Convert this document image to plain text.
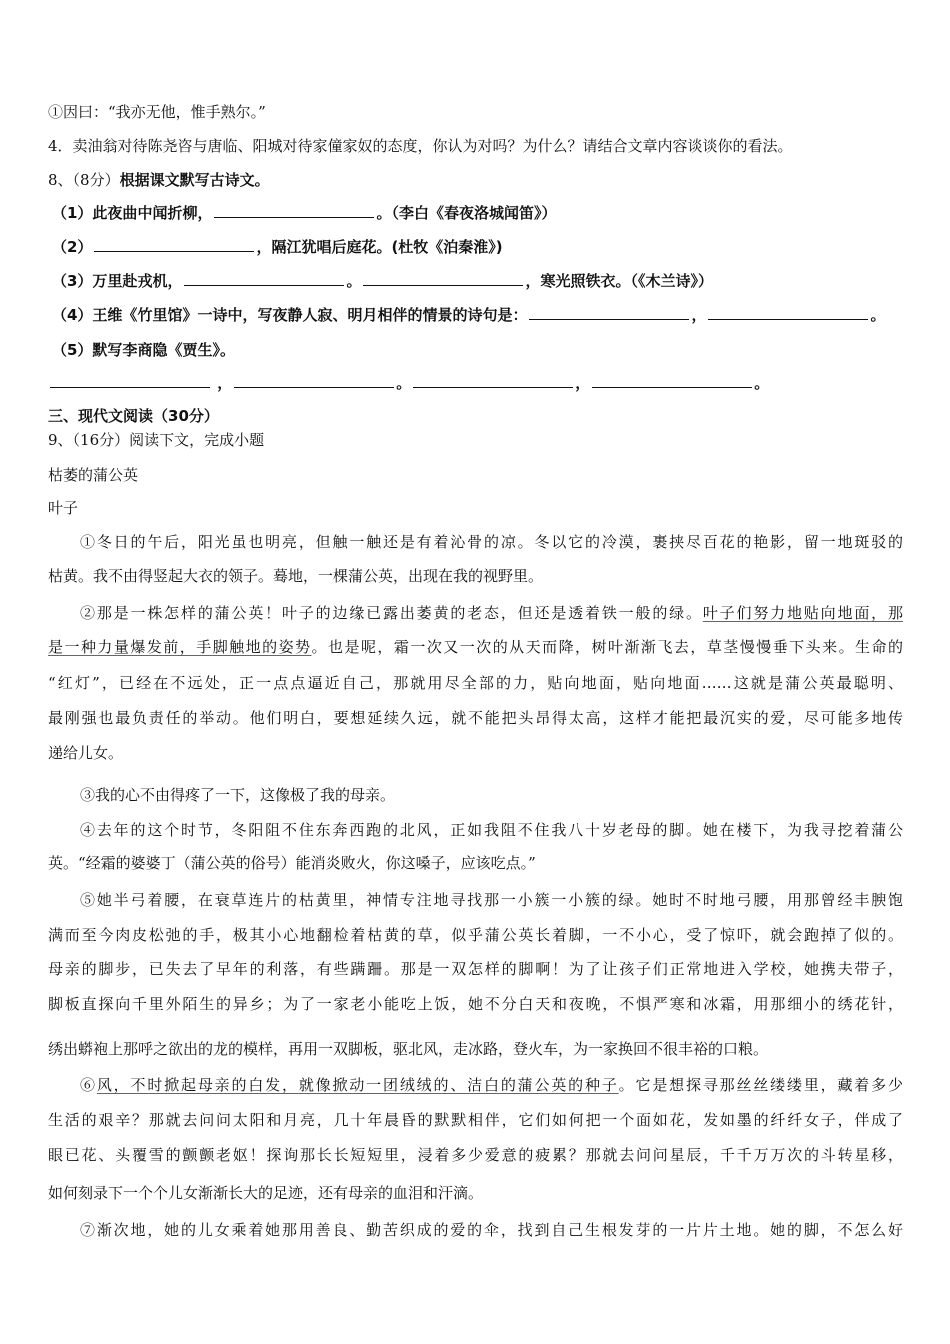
①因曰：“我亦无他，惟手熟尔。”
4．卖油翁对待陈尧咨与唐临、阳城对待家僮家奴的态度，你认为对吗？为什么？请结合文章内容谈谈你的看法。
8、（8分）根据课文默写古诗文。
（1）此夜曲中闻折柳，	。（李白《春夜洛城闻笛》）
（2）	，隔江犹唱后庭花。(杜牧《泊秦淮》)
（3）万里赴戎机，	。	，寒光照铁衣。（《木兰诗》）
（4）王维《竹里馆》一诗中，写夜静人寂、明月相伴的情景的诗句是：	，	。
（5）默写李商隐《贾生》。
，	。	，	。
三、现代文阅读（30分）
9、（16分）阅读下文，完成小题
枯萎的蒲公英
叶子
①冬日的午后，阳光虽也明亮，但触一触还是有着沁骨的凉。冬以它的冷漠，裹挟尽百花的艳影，留一地斑驳的
枯黄。我不由得竖起大衣的领子。蓦地，一棵蒲公英，出现在我的视野里。
②那是一株怎样的蒲公英！叶子的边缘已露出萎黄的老态，但还是透着铁一般的绿。叶子们努力地贴向地面，那
是一种力量爆发前，手脚触地的姿势。也是呢，霜一次又一次的从天而降，树叶渐渐飞去，草茎慢慢垂下头来。生命的
“红灯”，已经在不远处，正一点点逼近自己，那就用尽全部的力，贴向地面，贴向地面……这就是蒲公英最聪明、
最刚强也最负责任的举动。他们明白，要想延续久远，就不能把头昂得太高，这样才能把最沉实的爱，尽可能多地传
递给儿女。
③我的心不由得疼了一下，这像极了我的母亲。
④去年的这个时节，冬阳阻不住东奔西跑的北风，正如我阻不住我八十岁老母的脚。她在楼下，为我寻挖着蒲公
英。“经霜的婆婆丁（蒲公英的俗号）能消炎败火，你这嗓子，应该吃点。”
⑤她半弓着腰，在衰草连片的枯黄里，神情专注地寻找那一小簇一小簇的绿。她时不时地弓腰，用那曾经丰腴饱
满而至今肉皮松弛的手，极其小心地翻检着枯黄的草，似乎蒲公英长着脚，一不小心，受了惊吓，就会跑掉了似的。
母亲的脚步，已失去了早年的利落，有些蹒跚。那是一双怎样的脚啊！为了让孩子们正常地进入学校，她携夫带子，
脚板直探向千里外陌生的异乡；为了一家老小能吃上饭，她不分白天和夜晚，不惧严寒和冰霜，用那细小的绣花针，
绣出蟒袍上那呼之欲出的龙的模样，再用一双脚板，驱北风，走冰路，登火车，为一家换回不很丰裕的口粮。
⑥风，不时掀起母亲的白发，就像掀动一团绒绒的、洁白的蒲公英的种子。它是想探寻那丝丝缕缕里，藏着多少
生活的艰辛？那就去问问太阳和月亮，几十年晨昏的默默相伴，它们如何把一个面如花，发如墨的纤纤女子，伴成了
眼已花、头覆雪的颤颤老妪！探询那长长短短里，浸着多少爱意的疲累？那就去问问星辰，千千万万次的斗转星移，
如何刻录下一个个儿女渐渐长大的足迹，还有母亲的血泪和汗滴。
⑦渐次地，她的儿女乘着她那用善良、勤苦织成的爱的伞，找到自己生根发芽的一片片土地。她的脚，不怎么好
